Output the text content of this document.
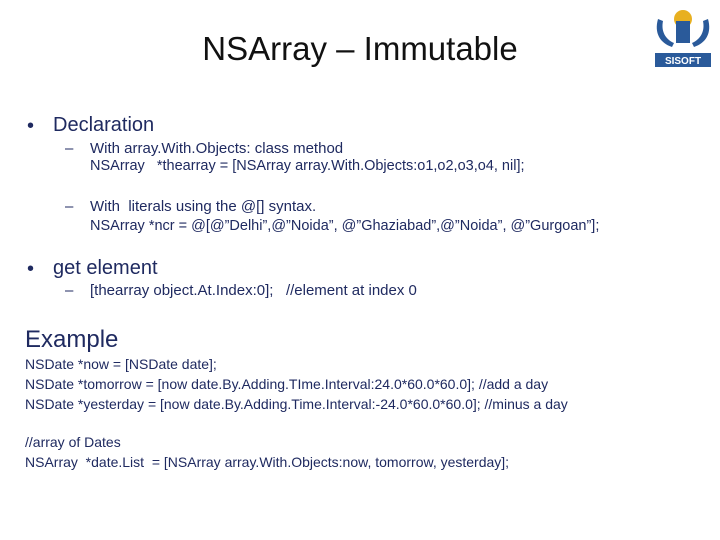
NSArray – Immutable	SISOFT
• Declaration
– With array.With.Objects: class method
NSArray   *thearray = [NSArray array.With.Objects:o1,o2,o3,o4, nil];
– With  literals using the @[] syntax.
NSArray *ncr = @[@”Delhi”,@”Noida”, @”Ghaziabad”,@”Noida”, @”Gurgoan”];
• get element
– [thearray object.At.Index:0];   //element at index 0
Example
NSDate *now = [NSDate date];
NSDate *tomorrow = [now date.By.Adding.TIme.Interval:24.0*60.0*60.0]; //add a day
NSDate *yesterday = [now date.By.Adding.Time.Interval:-24.0*60.0*60.0]; //minus a day
//array of Dates
NSArray  *date.List  = [NSArray array.With.Objects:now, tomorrow, yesterday];
